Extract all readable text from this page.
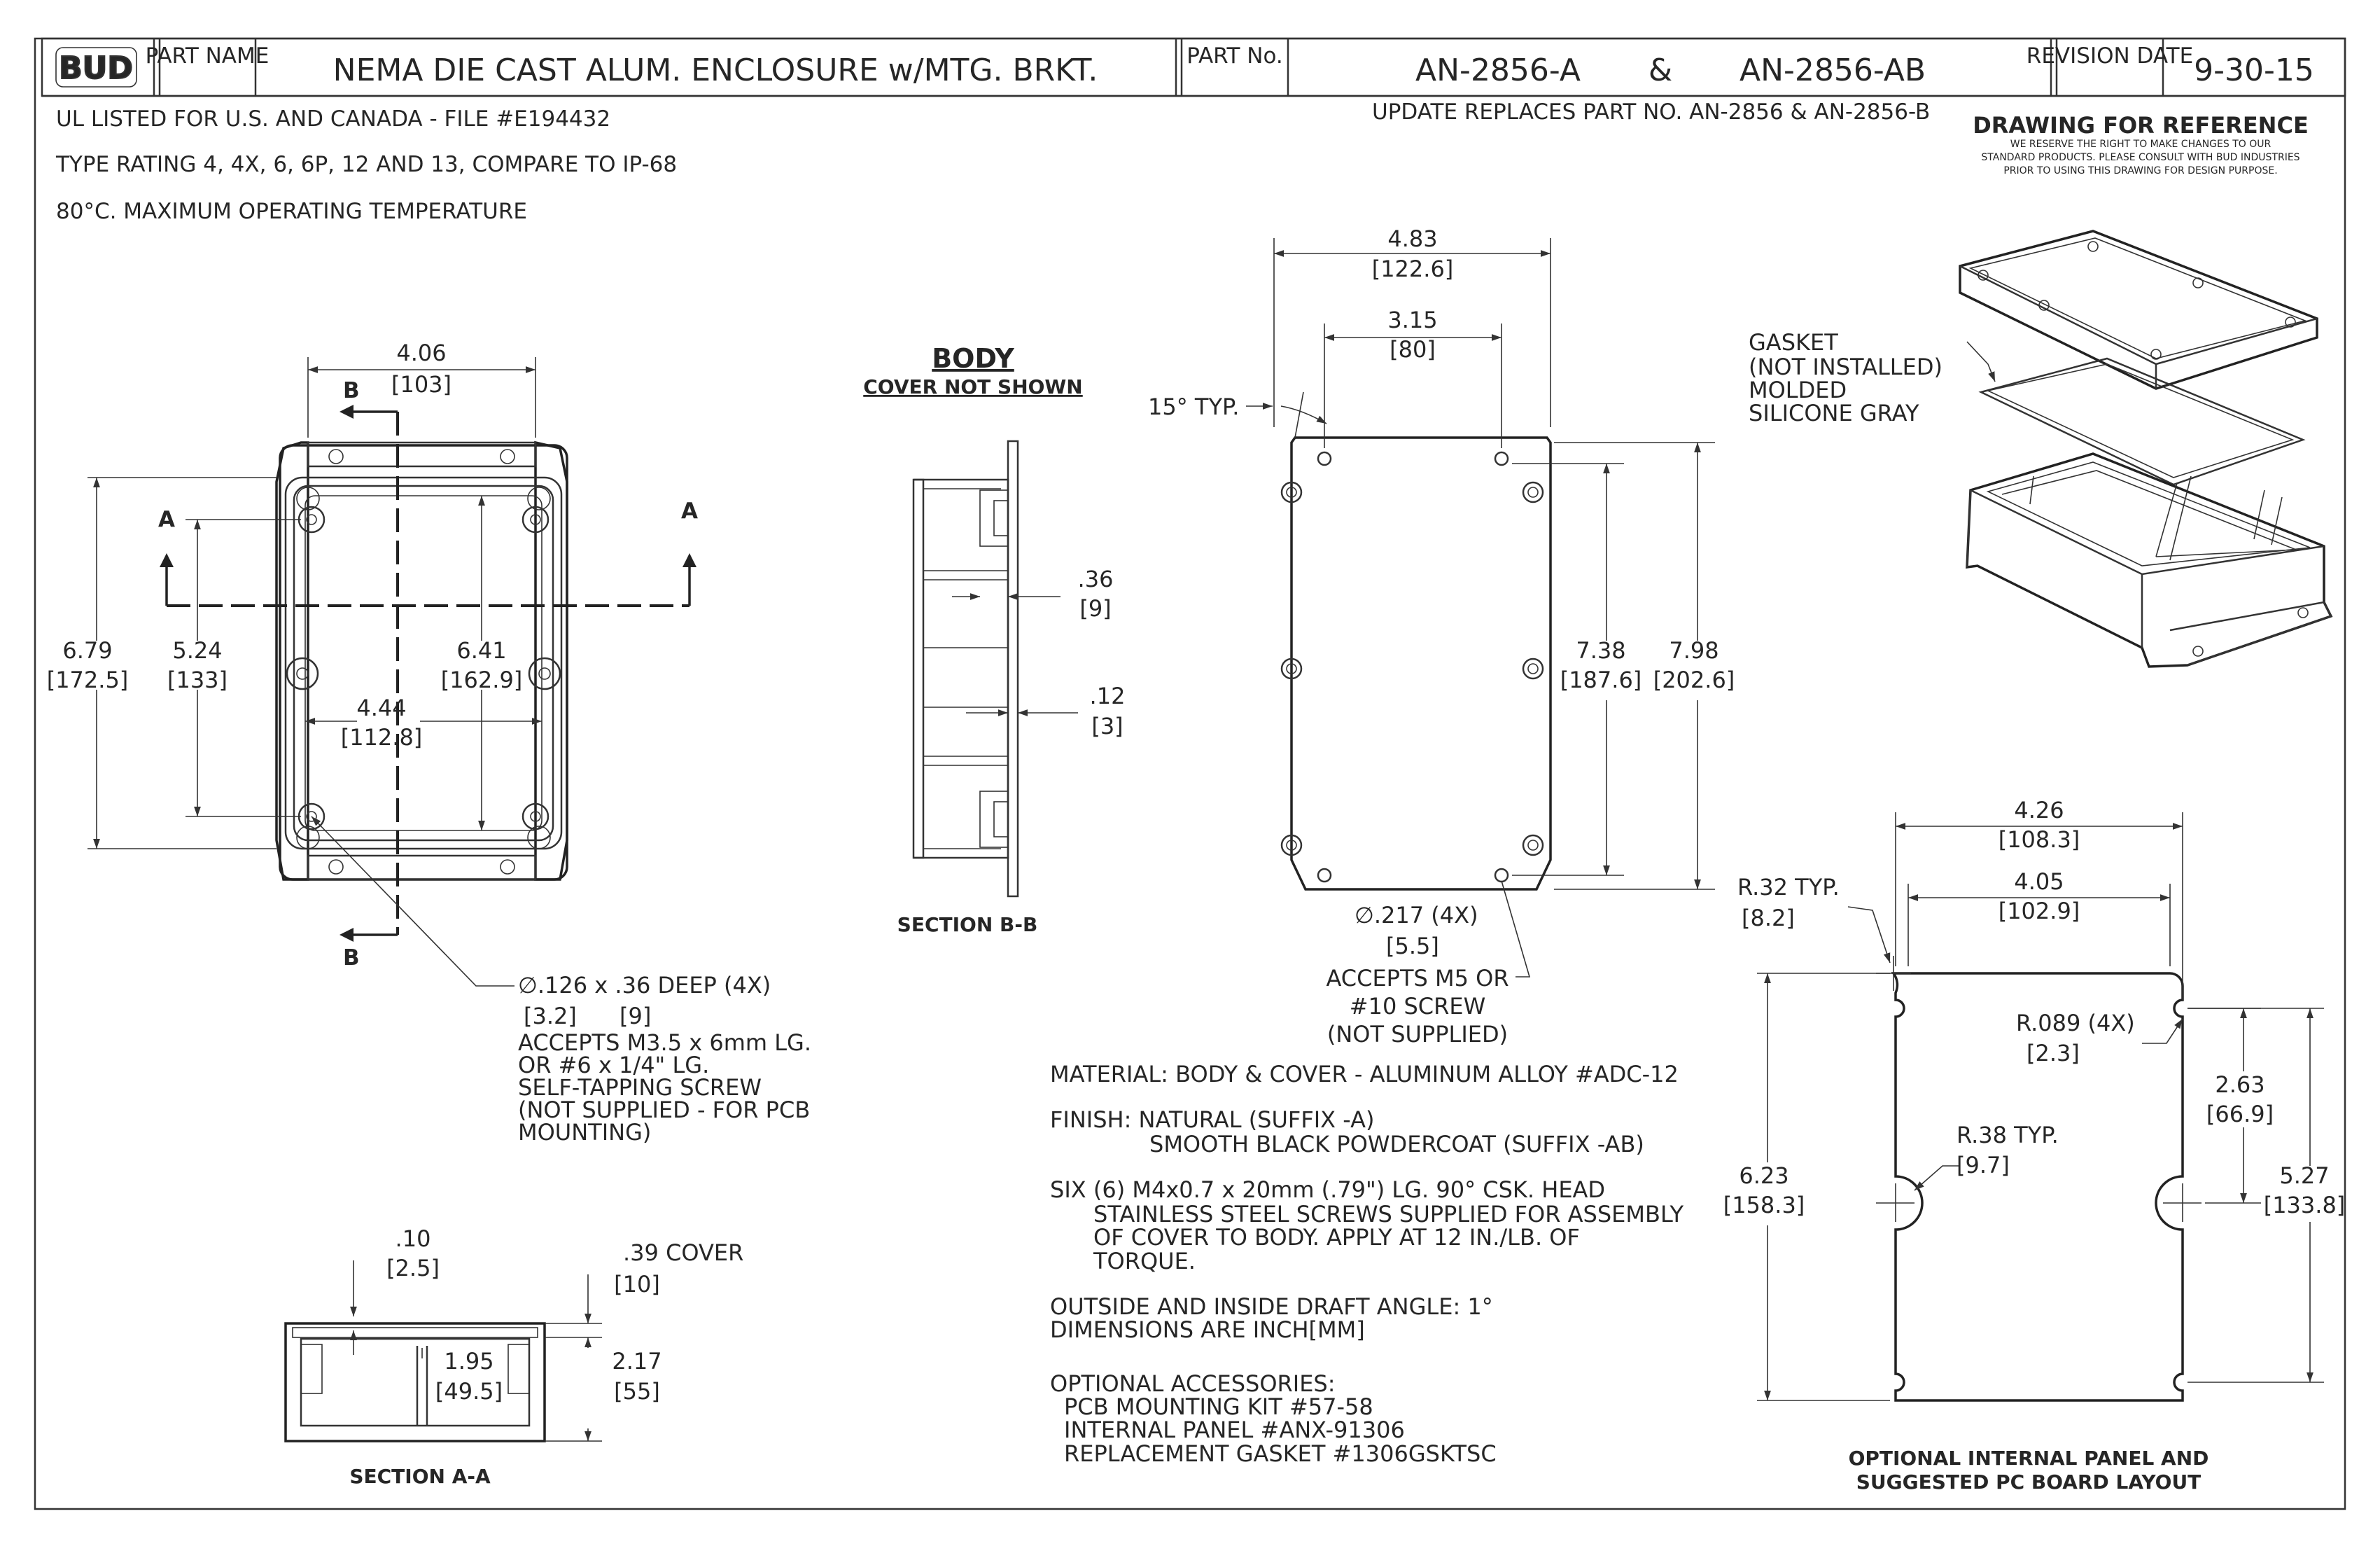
BUD PART NAME NEMA DIE CAST ALUM. ENCLOSURE w/MTG. BRKT.	PART No.	AN-2856-A & AN-2856-AB	REVISION DATE 9-30-15
UL LISTED FOR U.S. AND CANADA - FILE #E194432
TYPE RATING 4, 4X, 6, 6P, 12 AND 13, COMPARE TO IP-68
80°C. MAXIMUM OPERATING TEMPERATURE
UPDATE REPLACES PART NO. AN-2856 & AN-2856-B DRAWING FOR REFERENCE
WE RESERVE THE RIGHT TO MAKE CHANGES TO OUR
STANDARD PRODUCTS. PLEASE CONSULT WITH BUD INDUSTRIES
PRIOR TO USING THIS DRAWING FOR DESIGN PURPOSE.
B
B
A	A
4.06
[103]
6.79
[172.5]
5.24
[133]
6.41
[162.9]
4.44
[112.8]
∅.126 x .36 DEEP (4X)
[3.2] [9]
ACCEPTS M3.5 x 6mm LG.
OR #6 x 1/4" LG.
SELF-TAPPING SCREW
(NOT SUPPLIED - FOR PCB
MOUNTING)
BODY
COVER NOT SHOWN
.36
[9]
.12
[3]
SECTION B-B
.10
[2.5]
.39 COVER
[10]
2.17
[55]
1.95
[49.5]
SECTION A-A
4.83
[122.6]
3.15
[80]
15° TYP.
7.38
[187.6]
7.98
[202.6]
∅.217 (4X)
[5.5]
ACCEPTS M5 OR
#10 SCREW
(NOT SUPPLIED)
GASKET
(NOT INSTALLED)
MOLDED
SILICONE GRAY
MATERIAL: BODY & COVER - ALUMINUM ALLOY #ADC-12
FINISH: NATURAL (SUFFIX -A)
SMOOTH BLACK POWDERCOAT (SUFFIX -AB)
SIX (6) M4x0.7 x 20mm (.79") LG. 90° CSK. HEAD
STAINLESS STEEL SCREWS SUPPLIED FOR ASSEMBLY
OF COVER TO BODY. APPLY AT 12 IN./LB. OF
TORQUE.
OUTSIDE AND INSIDE DRAFT ANGLE: 1°
DIMENSIONS ARE INCH[MM]
OPTIONAL ACCESSORIES:
PCB MOUNTING KIT #57-58
INTERNAL PANEL #ANX-91306
REPLACEMENT GASKET #1306GSKTSC
4.26
[108.3]
4.05
[102.9]
R.32 TYP.
[8.2]
R.089 (4X)
[2.3]
R.38 TYP.
[9.7]
6.23
[158.3]
2.63
[66.9]
5.27
[133.8]
OPTIONAL INTERNAL PANEL AND
SUGGESTED PC BOARD LAYOUT
